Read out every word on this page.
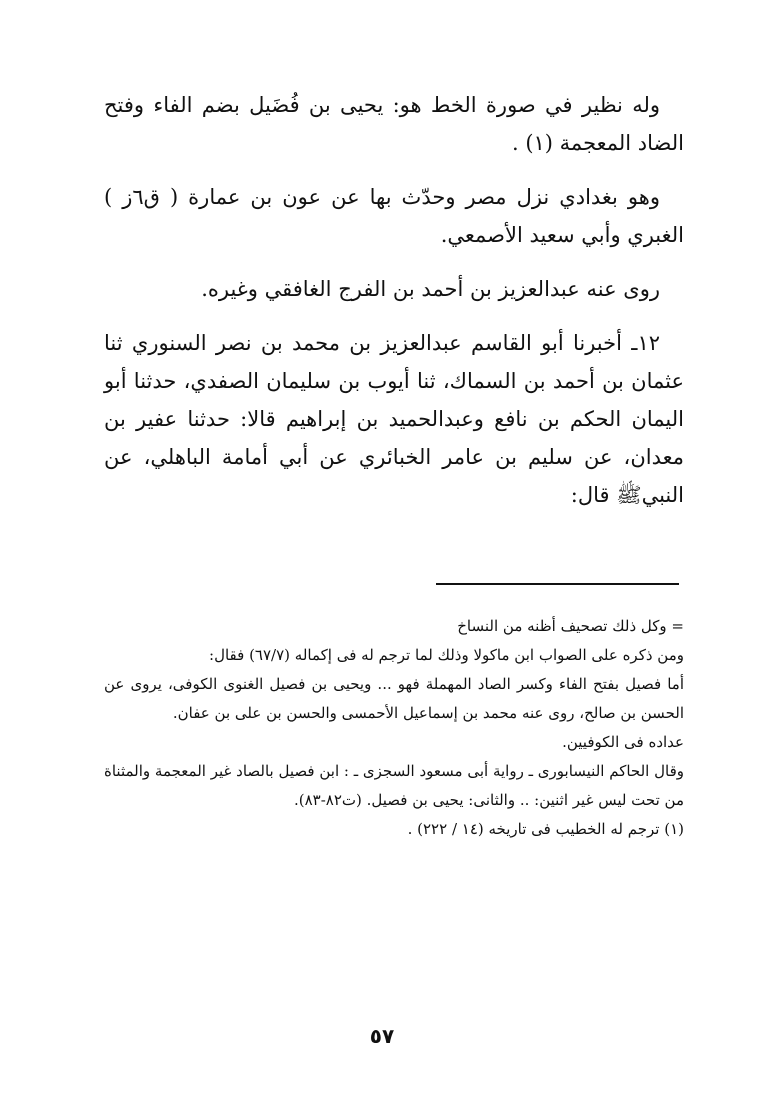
وله نظير في صورة الخط هو: يحيى بن فُضَيل بضم الفاء وفتح الضاد المعجمة (١) .

وهو بغدادي نزل مصر وحدّث بها عن عون بن عمارة ( ق٦ز ) الغبري وأبي سعيد الأصمعي.

روى عنه عبدالعزيز بن أحمد بن الفرج الغافقي وغيره.

١٢ـ أخبرنا أبو القاسم عبدالعزيز بن محمد بن نصر السنوري ثنا عثمان بن أحمد بن السماك، ثنا أيوب بن سليمان الصفدي، حدثنا أبو اليمان الحكم بن نافع وعبدالحميد بن إبراهيم قالا: حدثنا عفير بن معدان، عن سليم بن عامر الخبائري عن أبي أمامة الباهلي، عن النبيﷺ قال:

= وكل ذلك تصحيف أظنه من النساخ

ومن ذكره على الصواب ابن ماكولا وذلك لما ترجم له فى إكماله (٦٧/٧) فقال:

أما فصيل بفتح الفاء وكسر الصاد المهملة فهو ... ويحيى بن فصيل الغنوى الكوفى، يروى عن الحسن بن صالح، روى عنه محمد بن إسماعيل الأحمسى والحسن بن على بن عفان.

عداده فى الكوفيين.

وقال الحاكم النيسابورى ـ رواية أبى مسعود السجزى ـ : ابن فصيل بالصاد غير المعجمة والمثناة من تحت ليس غير اثنين: .. والثانى: يحيى بن فصيل. (ت٨٢-٨٣).

(١) ترجم له الخطيب فى تاريخه (١٤ / ٢٢٢) .

٥٧
